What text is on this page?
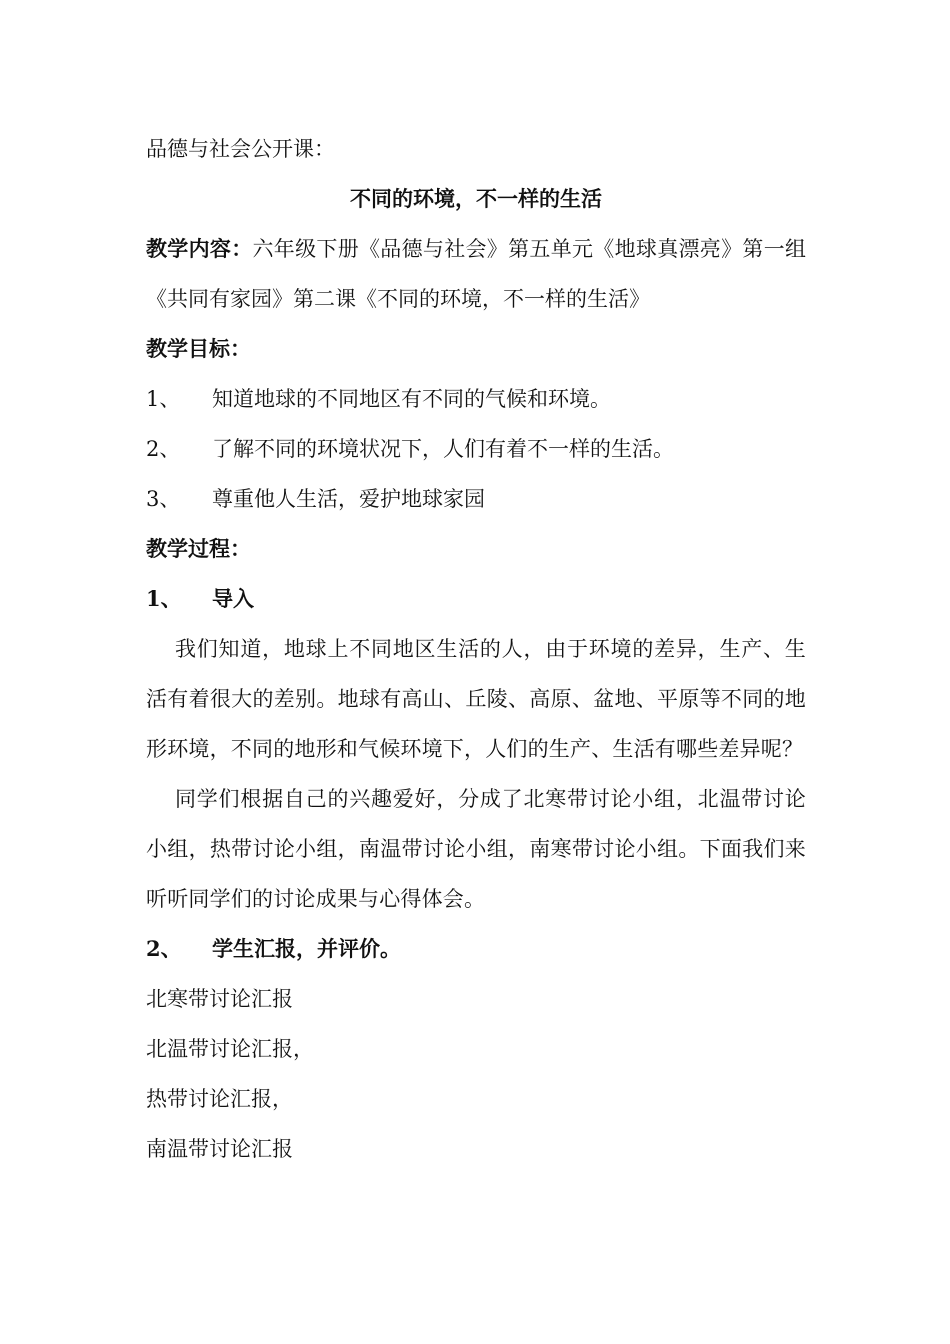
品德与社会公开课：
不同的环境，不一样的生活
教学内容：六年级下册《品德与社会》第五单元《地球真漂亮》第一组《共同有家园》第二课《不同的环境，不一样的生活》
教学目标：
1、 知道地球的不同地区有不同的气候和环境。
2、 了解不同的环境状况下，人们有着不一样的生活。
3、 尊重他人生活，爱护地球家园
教学过程：
1、 导入
我们知道，地球上不同地区生活的人，由于环境的差异，生产、生活有着很大的差别。地球有高山、丘陵、高原、盆地、平原等不同的地形环境，不同的地形和气候环境下，人们的生产、生活有哪些差异呢？
同学们根据自己的兴趣爱好，分成了北寒带讨论小组，北温带讨论小组，热带讨论小组，南温带讨论小组，南寒带讨论小组。下面我们来听听同学们的讨论成果与心得体会。
2、 学生汇报，并评价。
北寒带讨论汇报
北温带讨论汇报，
热带讨论汇报，
南温带讨论汇报
